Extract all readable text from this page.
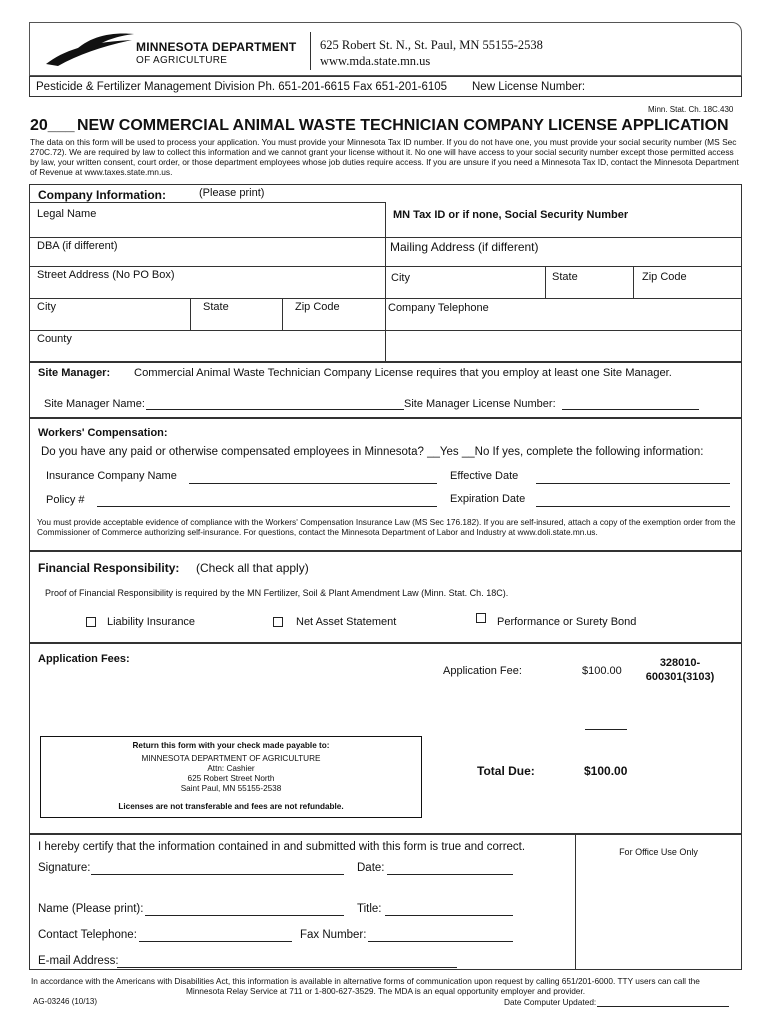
MINNESOTA DEPARTMENT
OF AGRICULTURE
625 Robert St. N., St. Paul, MN 55155-2538
www.mda.state.mn.us
Pesticide & Fertilizer Management Division Ph. 651-201-6615 Fax 651-201-6105 New License Number:
Minn. Stat. Ch. 18C.430
20___ NEW COMMERCIAL ANIMAL WASTE TECHNICIAN COMPANY LICENSE APPLICATION
The data on this form will be used to process your application. You must provide your Minnesota Tax ID number. If you do not have one, you must provide your social security number (MS Sec 270C.72). We are required by law to collect this information and we cannot grant your license without it. No one will have access to your social security number except those permitted access by law, your written consent, court order, or those department employees whose job duties require access. If you are unsure if you need a Minnesota Tax ID, contact the Minnesota Department of Revenue at www.taxes.state.mn.us.
Company Information:	(Please print)
Legal Name	MN Tax ID or if none, Social Security Number
DBA (if different)	Mailing Address (if different)
Street Address (No PO Box)	City	State	Zip Code
City	State	Zip Code	Company Telephone
County
Site Manager: Commercial Animal Waste Technician Company License requires that you employ at least one Site Manager.
Site Manager Name:	Site Manager License Number:
Workers' Compensation:
Do you have any paid or otherwise compensated employees in Minnesota? __Yes __No If yes, complete the following information:
Insurance Company Name	Effective Date
Policy #	Expiration Date
You must provide acceptable evidence of compliance with the Workers' Compensation Insurance Law (MS Sec 176.182). If you are self-insured, attach a copy of the exemption order from the Commissioner of Commerce authorizing self-insurance. For questions, contact the Minnesota Department of Labor and Industry at www.doli.state.mn.us.
Financial Responsibility: (Check all that apply)
Proof of Financial Responsibility is required by the MN Fertilizer, Soil & Plant Amendment Law (Minn. Stat. Ch. 18C).
Liability Insurance	Net Asset Statement	Performance or Surety Bond
Application Fees:
Application Fee:	$100.00
328010-
600301(3103)
Total Due:	$100.00
Return this form with your check made payable to:
MINNESOTA DEPARTMENT OF AGRICULTURE
Attn: Cashier
625 Robert Street North
Saint Paul, MN 55155-2538
Licenses are not transferable and fees are not refundable.
I hereby certify that the information contained in and submitted with this form is true and correct.	For Office Use Only
Signature:	Date:
Name (Please print):	Title:
Contact Telephone:	Fax Number:
E-mail Address:
In accordance with the Americans with Disabilities Act, this information is available in alternative forms of communication upon request by calling 651/201-6000. TTY users can call the
Minnesota Relay Service at 711 or 1-800-627-3529. The MDA is an equal opportunity employer and provider.
AG-03246 (10/13)	Date Computer Updated:
